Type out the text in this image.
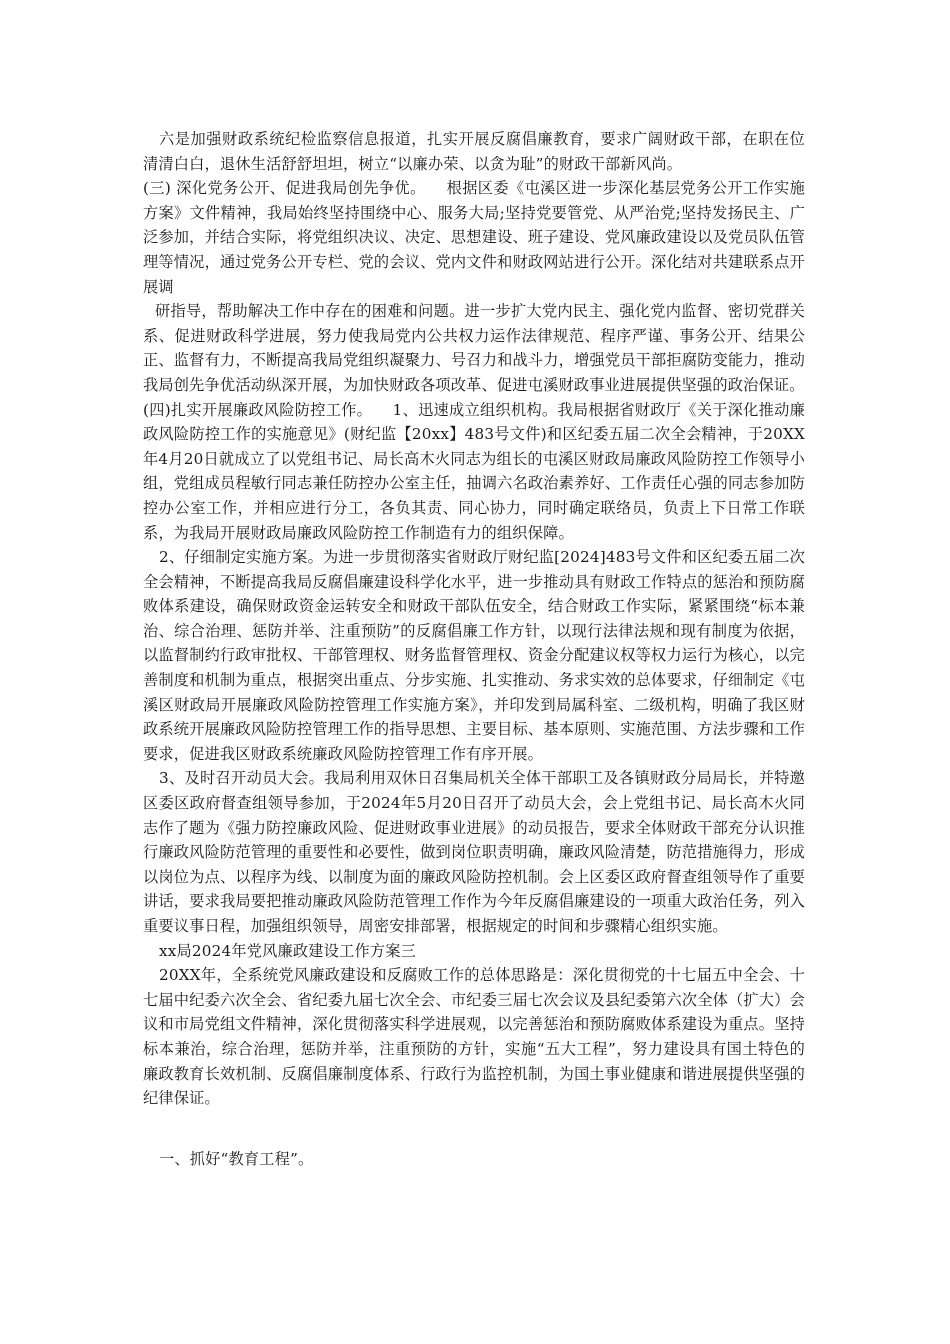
六是加强财政系统纪检监察信息报道，扎实开展反腐倡廉教育，要求广阔财政干部，在职在位清清白白，退休生活舒舒坦坦，树立“以廉办荣、以贪为耻”的财政干部新风尚。

(三) 深化党务公开、促进我局创先争优。    根据区委《屯溪区进一步深化基层党务公开工作实施方案》文件精神，我局始终坚持围绕中心、服务大局;坚持党要管党、从严治党;坚持发扬民主、广泛参加，并结合实际，将党组织决议、决定、思想建设、班子建设、党风廉政建设以及党员队伍管理等情况，通过党务公开专栏、党的会议、党内文件和财政网站进行公开。深化结对共建联系点开展调

研指导，帮助解决工作中存在的困难和问题。进一步扩大党内民主、强化党内监督、密切党群关系、促进财政科学进展，努力使我局党内公共权力运作法律规范、程序严谨、事务公开、结果公正、监督有力，不断提高我局党组织凝聚力、号召力和战斗力，增强党员干部拒腐防变能力，推动我局创先争优活动纵深开展，为加快财政各项改革、促进屯溪财政事业进展提供坚强的政治保证。

(四)扎实开展廉政风险防控工作。    1、迅速成立组织机构。我局根据省财政厅《关于深化推动廉政风险防控工作的实施意见》(财纪监【20xx】483号文件)和区纪委五届二次全会精神，于20XX年4月20日就成立了以党组书记、局长高木火同志为组长的屯溪区财政局廉政风险防控工作领导小组，党组成员程敏行同志兼任防控办公室主任，抽调六名政治素养好、工作责任心强的同志参加防控办公室工作，并相应进行分工，各负其责、同心协力，同时确定联络员，负责上下日常工作联系，为我局开展财政局廉政风险防控工作制造有力的组织保障。

2、仔细制定实施方案。为进一步贯彻落实省财政厅财纪监[2024]483号文件和区纪委五届二次全会精神，不断提高我局反腐倡廉建设科学化水平，进一步推动具有财政工作特点的惩治和预防腐败体系建设，确保财政资金运转安全和财政干部队伍安全，结合财政工作实际，紧紧围绕“标本兼治、综合治理、惩防并举、注重预防”的反腐倡廉工作方针，以现行法律法规和现有制度为依据，以监督制约行政审批权、干部管理权、财务监督管理权、资金分配建议权等权力运行为核心，以完善制度和机制为重点，根据突出重点、分步实施、扎实推动、务求实效的总体要求，仔细制定《屯溪区财政局开展廉政风险防控管理工作实施方案》，并印发到局属科室、二级机构，明确了我区财政系统开展廉政风险防控管理工作的指导思想、主要目标、基本原则、实施范围、方法步骤和工作要求，促进我区财政系统廉政风险防控管理工作有序开展。

3、及时召开动员大会。我局利用双休日召集局机关全体干部职工及各镇财政分局局长，并特邀区委区政府督查组领导参加，于2024年5月20日召开了动员大会，会上党组书记、局长高木火同志作了题为《强力防控廉政风险、促进财政事业进展》的动员报告，要求全体财政干部充分认识推行廉政风险防范管理的重要性和必要性，做到岗位职责明确，廉政风险清楚，防范措施得力，形成以岗位为点、以程序为线、以制度为面的廉政风险防控机制。会上区委区政府督查组领导作了重要讲话，要求我局要把推动廉政风险防范管理工作作为今年反腐倡廉建设的一项重大政治任务，列入重要议事日程，加强组织领导，周密安排部署，根据规定的时间和步骤精心组织实施。

xx局2024年党风廉政建设工作方案三

20XX年，全系统党风廉政建设和反腐败工作的总体思路是：深化贯彻党的十七届五中全会、十七届中纪委六次全会、省纪委九届七次全会、市纪委三届七次会议及县纪委第六次全体（扩大）会议和市局党组文件精神，深化贯彻落实科学进展观，以完善惩治和预防腐败体系建设为重点。坚持标本兼治，综合治理，惩防并举，注重预防的方针，实施“五大工程”，努力建设具有国土特色的廉政教育长效机制、反腐倡廉制度体系、行政行为监控机制，为国土事业健康和谐进展提供坚强的纪律保证。

一、抓好“教育工程”。
